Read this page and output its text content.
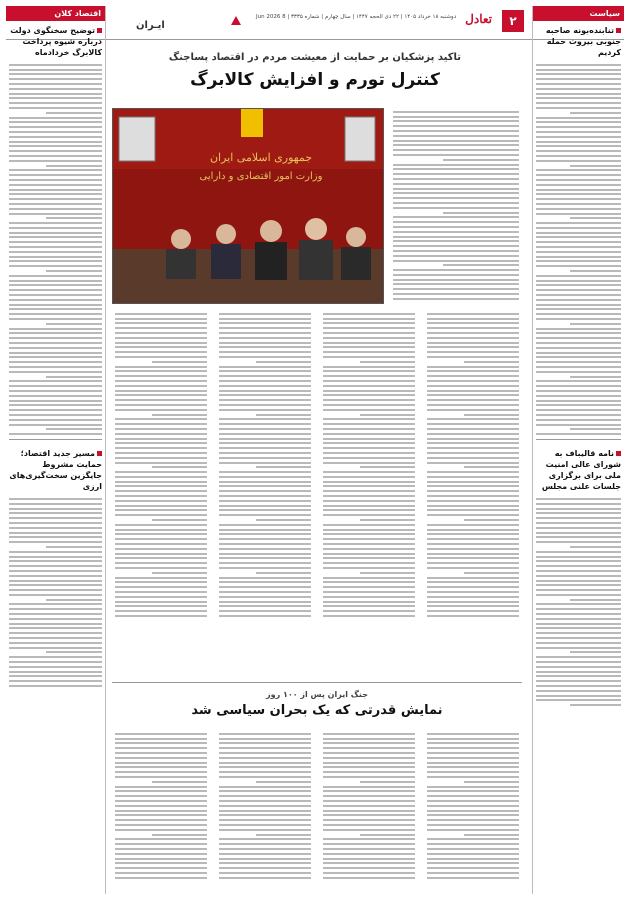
۲
تعادل
دوشنبه ۱۸ خرداد ۱۴۰۵ | ۲۲ ذی الحجه ۱۴۴۷ | سال چهارم | شماره ۳۳۳۵ | 8 Jun 2026
ایـران
سیاست
تنابنده‌بونه صاحبه جنوبی بیروت حمله کردیم
نامه قالیباف به شورای عالی امنیت ملی برای برگزاری جلسات علنی مجلس
اقتصاد کلان
توضیح سخنگوی دولت درباره شیوه پرداخت کالابرگ خردادماه
مسیر جدید اقتصاد؛ حمایت مشروط جایگزین سخت‌گیری‌های ارزی
تاکید پزشکیان بر حمایت از معیشت مردم در اقتصاد پساجنگ
کنترل تورم و افزایش کالابرگ
جمهوری اسلامی ایران
وزارت امور اقتصادی و دارایی
جنگ ایران پس از ۱۰۰ روز
نمایش قدرتی که یک بحران سیاسی شد
